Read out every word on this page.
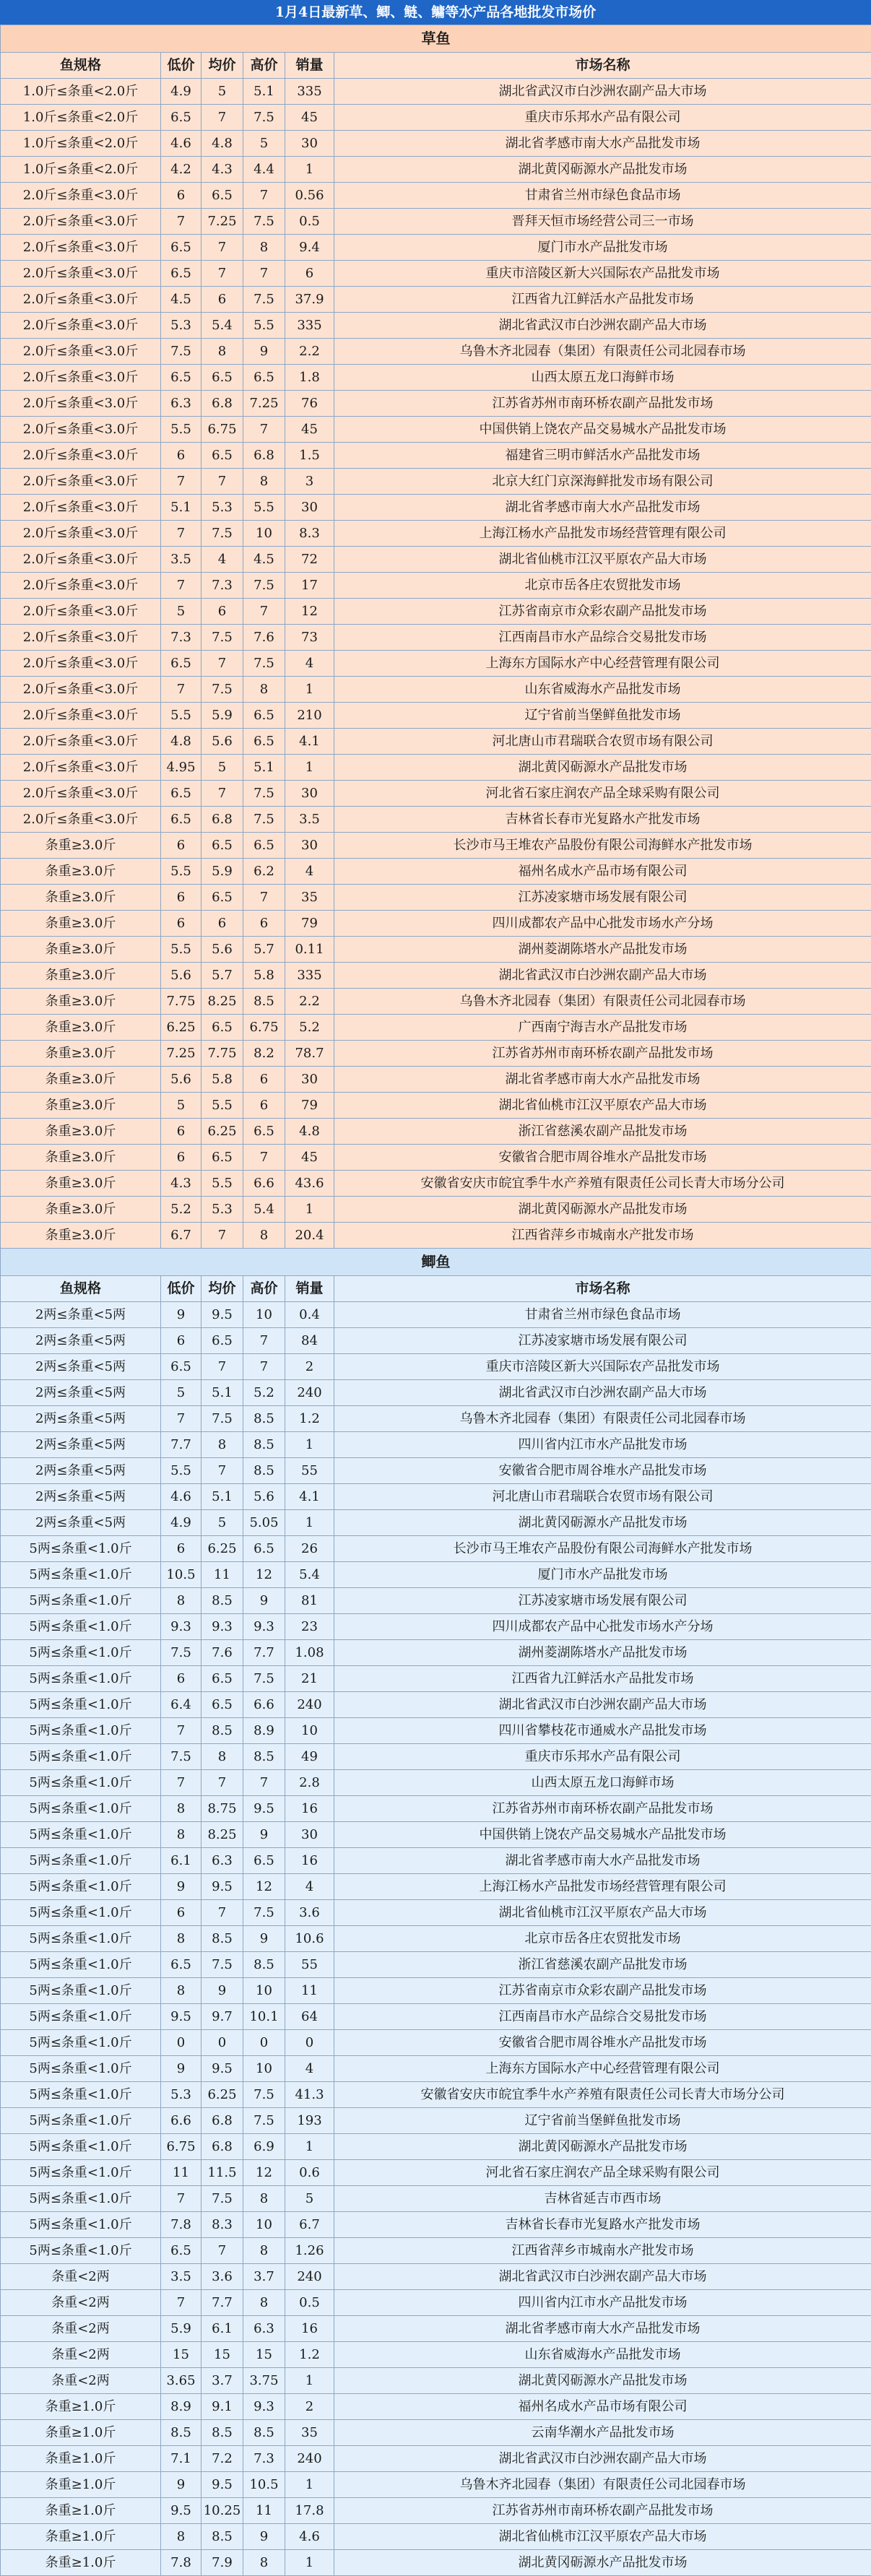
1月4日最新草、鲫、鲢、鳙等水产品各地批发市场价
草鱼					
鱼规格	低价	均价	高价	销量	市场名称
1.0斤≤条重<2.0斤	4.9	5	5.1	335	湖北省武汉市白沙洲农副产品大市场
1.0斤≤条重<2.0斤	6.5	7	7.5	45	重庆市乐邦水产品有限公司
1.0斤≤条重<2.0斤	4.6	4.8	5	30	湖北省孝感市南大水产品批发市场
1.0斤≤条重<2.0斤	4.2	4.3	4.4	1	湖北黄冈砺源水产品批发市场
2.0斤≤条重<3.0斤	6	6.5	7	0.56	甘肃省兰州市绿色食品市场
2.0斤≤条重<3.0斤	7	7.25	7.5	0.5	晋拜天恒市场经营公司三一市场
2.0斤≤条重<3.0斤	6.5	7	8	9.4	厦门市水产品批发市场
2.0斤≤条重<3.0斤	6.5	7	7	6	重庆市涪陵区新大兴国际农产品批发市场
2.0斤≤条重<3.0斤	4.5	6	7.5	37.9	江西省九江鲜活水产品批发市场
2.0斤≤条重<3.0斤	5.3	5.4	5.5	335	湖北省武汉市白沙洲农副产品大市场
2.0斤≤条重<3.0斤	7.5	8	9	2.2	乌鲁木齐北园春（集团）有限责任公司北园春市场
2.0斤≤条重<3.0斤	6.5	6.5	6.5	1.8	山西太原五龙口海鲜市场
2.0斤≤条重<3.0斤	6.3	6.8	7.25	76	江苏省苏州市南环桥农副产品批发市场
2.0斤≤条重<3.0斤	5.5	6.75	7	45	中国供销上饶农产品交易城水产品批发市场
2.0斤≤条重<3.0斤	6	6.5	6.8	1.5	福建省三明市鲜活水产品批发市场
2.0斤≤条重<3.0斤	7	7	8	3	北京大红门京深海鲜批发市场有限公司
2.0斤≤条重<3.0斤	5.1	5.3	5.5	30	湖北省孝感市南大水产品批发市场
2.0斤≤条重<3.0斤	7	7.5	10	8.3	上海江杨水产品批发市场经营管理有限公司
2.0斤≤条重<3.0斤	3.5	4	4.5	72	湖北省仙桃市江汉平原农产品大市场
2.0斤≤条重<3.0斤	7	7.3	7.5	17	北京市岳各庄农贸批发市场
2.0斤≤条重<3.0斤	5	6	7	12	江苏省南京市众彩农副产品批发市场
2.0斤≤条重<3.0斤	7.3	7.5	7.6	73	江西南昌市水产品综合交易批发市场
2.0斤≤条重<3.0斤	6.5	7	7.5	4	上海东方国际水产中心经营管理有限公司
2.0斤≤条重<3.0斤	7	7.5	8	1	山东省威海水产品批发市场
2.0斤≤条重<3.0斤	5.5	5.9	6.5	210	辽宁省前当堡鲜鱼批发市场
2.0斤≤条重<3.0斤	4.8	5.6	6.5	4.1	河北唐山市君瑞联合农贸市场有限公司
2.0斤≤条重<3.0斤	4.95	5	5.1	1	湖北黄冈砺源水产品批发市场
2.0斤≤条重<3.0斤	6.5	7	7.5	30	河北省石家庄润农产品全球采购有限公司
2.0斤≤条重<3.0斤	6.5	6.8	7.5	3.5	吉林省长春市光复路水产批发市场
条重≥3.0斤	6	6.5	6.5	30	长沙市马王堆农产品股份有限公司海鲜水产批发市场
条重≥3.0斤	5.5	5.9	6.2	4	福州名成水产品市场有限公司
条重≥3.0斤	6	6.5	7	35	江苏凌家塘市场发展有限公司
条重≥3.0斤	6	6	6	79	四川成都农产品中心批发市场水产分场
条重≥3.0斤	5.5	5.6	5.7	0.11	湖州菱湖陈塔水产品批发市场
条重≥3.0斤	5.6	5.7	5.8	335	湖北省武汉市白沙洲农副产品大市场
条重≥3.0斤	7.75	8.25	8.5	2.2	乌鲁木齐北园春（集团）有限责任公司北园春市场
条重≥3.0斤	6.25	6.5	6.75	5.2	广西南宁海吉水产品批发市场
条重≥3.0斤	7.25	7.75	8.2	78.7	江苏省苏州市南环桥农副产品批发市场
条重≥3.0斤	5.6	5.8	6	30	湖北省孝感市南大水产品批发市场
条重≥3.0斤	5	5.5	6	79	湖北省仙桃市江汉平原农产品大市场
条重≥3.0斤	6	6.25	6.5	4.8	浙江省慈溪农副产品批发市场
条重≥3.0斤	6	6.5	7	45	安徽省合肥市周谷堆水产品批发市场
条重≥3.0斤	4.3	5.5	6.6	43.6	安徽省安庆市皖宜季牛水产养殖有限责任公司长青大市场分公司
条重≥3.0斤	5.2	5.3	5.4	1	湖北黄冈砺源水产品批发市场
条重≥3.0斤	6.7	7	8	20.4	江西省萍乡市城南水产批发市场
鲫鱼					
鱼规格	低价	均价	高价	销量	市场名称
2两≤条重<5两	9	9.5	10	0.4	甘肃省兰州市绿色食品市场
2两≤条重<5两	6	6.5	7	84	江苏凌家塘市场发展有限公司
2两≤条重<5两	6.5	7	7	2	重庆市涪陵区新大兴国际农产品批发市场
2两≤条重<5两	5	5.1	5.2	240	湖北省武汉市白沙洲农副产品大市场
2两≤条重<5两	7	7.5	8.5	1.2	乌鲁木齐北园春（集团）有限责任公司北园春市场
2两≤条重<5两	7.7	8	8.5	1	四川省内江市水产品批发市场
2两≤条重<5两	5.5	7	8.5	55	安徽省合肥市周谷堆水产品批发市场
2两≤条重<5两	4.6	5.1	5.6	4.1	河北唐山市君瑞联合农贸市场有限公司
2两≤条重<5两	4.9	5	5.05	1	湖北黄冈砺源水产品批发市场
5两≤条重<1.0斤	6	6.25	6.5	26	长沙市马王堆农产品股份有限公司海鲜水产批发市场
5两≤条重<1.0斤	10.5	11	12	5.4	厦门市水产品批发市场
5两≤条重<1.0斤	8	8.5	9	81	江苏凌家塘市场发展有限公司
5两≤条重<1.0斤	9.3	9.3	9.3	23	四川成都农产品中心批发市场水产分场
5两≤条重<1.0斤	7.5	7.6	7.7	1.08	湖州菱湖陈塔水产品批发市场
5两≤条重<1.0斤	6	6.5	7.5	21	江西省九江鲜活水产品批发市场
5两≤条重<1.0斤	6.4	6.5	6.6	240	湖北省武汉市白沙洲农副产品大市场
5两≤条重<1.0斤	7	8.5	8.9	10	四川省攀枝花市通威水产品批发市场
5两≤条重<1.0斤	7.5	8	8.5	49	重庆市乐邦水产品有限公司
5两≤条重<1.0斤	7	7	7	2.8	山西太原五龙口海鲜市场
5两≤条重<1.0斤	8	8.75	9.5	16	江苏省苏州市南环桥农副产品批发市场
5两≤条重<1.0斤	8	8.25	9	30	中国供销上饶农产品交易城水产品批发市场
5两≤条重<1.0斤	6.1	6.3	6.5	16	湖北省孝感市南大水产品批发市场
5两≤条重<1.0斤	9	9.5	12	4	上海江杨水产品批发市场经营管理有限公司
5两≤条重<1.0斤	6	7	7.5	3.6	湖北省仙桃市江汉平原农产品大市场
5两≤条重<1.0斤	8	8.5	9	10.6	北京市岳各庄农贸批发市场
5两≤条重<1.0斤	6.5	7.5	8.5	55	浙江省慈溪农副产品批发市场
5两≤条重<1.0斤	8	9	10	11	江苏省南京市众彩农副产品批发市场
5两≤条重<1.0斤	9.5	9.7	10.1	64	江西南昌市水产品综合交易批发市场
5两≤条重<1.0斤	0	0	0	0	安徽省合肥市周谷堆水产品批发市场
5两≤条重<1.0斤	9	9.5	10	4	上海东方国际水产中心经营管理有限公司
5两≤条重<1.0斤	5.3	6.25	7.5	41.3	安徽省安庆市皖宜季牛水产养殖有限责任公司长青大市场分公司
5两≤条重<1.0斤	6.6	6.8	7.5	193	辽宁省前当堡鲜鱼批发市场
5两≤条重<1.0斤	6.75	6.8	6.9	1	湖北黄冈砺源水产品批发市场
5两≤条重<1.0斤	11	11.5	12	0.6	河北省石家庄润农产品全球采购有限公司
5两≤条重<1.0斤	7	7.5	8	5	吉林省延吉市西市场
5两≤条重<1.0斤	7.8	8.3	10	6.7	吉林省长春市光复路水产批发市场
5两≤条重<1.0斤	6.5	7	8	1.26	江西省萍乡市城南水产批发市场
条重<2两	3.5	3.6	3.7	240	湖北省武汉市白沙洲农副产品大市场
条重<2两	7	7.7	8	0.5	四川省内江市水产品批发市场
条重<2两	5.9	6.1	6.3	16	湖北省孝感市南大水产品批发市场
条重<2两	15	15	15	1.2	山东省威海水产品批发市场
条重<2两	3.65	3.7	3.75	1	湖北黄冈砺源水产品批发市场
条重≥1.0斤	8.9	9.1	9.3	2	福州名成水产品市场有限公司
条重≥1.0斤	8.5	8.5	8.5	35	云南华潮水产品批发市场
条重≥1.0斤	7.1	7.2	7.3	240	湖北省武汉市白沙洲农副产品大市场
条重≥1.0斤	9	9.5	10.5	1	乌鲁木齐北园春（集团）有限责任公司北园春市场
条重≥1.0斤	9.5	10.25	11	17.8	江苏省苏州市南环桥农副产品批发市场
条重≥1.0斤	8	8.5	9	4.6	湖北省仙桃市江汉平原农产品大市场
条重≥1.0斤	7.8	7.9	8	1	湖北黄冈砺源水产品批发市场
